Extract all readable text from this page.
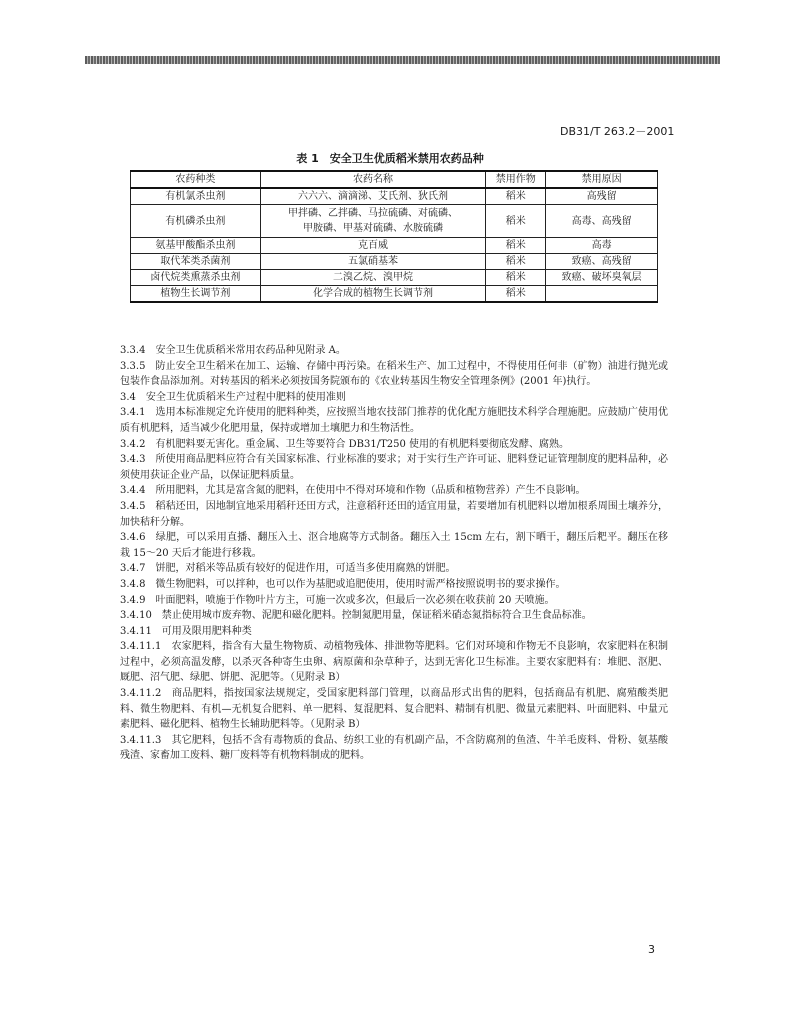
DB31/T 263.2－2001
表 1　安全卫生优质稻米禁用农药品种
农药种类	农药名称	禁用作物	禁用原因
有机氯杀虫剂	六六六、滴滴涕、艾氏剂、狄氏剂	稻米	高残留
有机磷杀虫剂	甲拌磷、乙拌磷、马拉硫磷、对硫磷、
甲胺磷、甲基对硫磷、水胺硫磷	稻米	高毒、高残留
氨基甲酸酯杀虫剂	克百威	稻米	高毒
取代苯类杀菌剂	五氯硝基苯	稻米	致癌、高残留
卤代烷类熏蒸杀虫剂	二溴乙烷、溴甲烷	稻米	致癌、破坏臭氧层
植物生长调节剂	化学合成的植物生长调节剂	稻米	

3.3.4　安全卫生优质稻米常用农药品种见附录 A。

3.3.5　防止安全卫生稻米在加工、运输、存储中再污染。在稻米生产、加工过程中，不得使用任何非（矿物）油进行抛光或包装作食品添加剂。对转基因的稻米必须按国务院颁布的《农业转基因生物安全管理条例》(2001 年)执行。

3.4　安全卫生优质稻米生产过程中肥料的使用准则

3.4.1　选用本标准规定允许使用的肥料种类，应按照当地农技部门推荐的优化配方施肥技术科学合理施肥。应鼓励广使用优质有机肥料，适当减少化肥用量，保持或增加土壤肥力和生物活性。

3.4.2　有机肥料要无害化。重金属、卫生等要符合 DB31/T250 使用的有机肥料要彻底发酵、腐熟。

3.4.3　所使用商品肥料应符合有关国家标准、行业标准的要求；对于实行生产许可证、肥料登记证管理制度的肥料品种，必须使用获证企业产品，以保证肥料质量。

3.4.4　所用肥料，尤其是富含氮的肥料，在使用中不得对环境和作物（品质和植物营养）产生不良影响。

3.4.5　稻秸还田，因地制宜地采用稻秆还田方式，注意稻秆还田的适宜用量，若要增加有机肥料以增加根系周围土壤养分，加快秸秆分解。

3.4.6　绿肥，可以采用直播、翻压入土、沤合地腐等方式制备。翻压入土 15cm 左右，割下晒干，翻压后粑平。翻压在移栽 15～20 天后才能进行移栽。

3.4.7　饼肥，对稻米等品质有较好的促进作用，可适当多使用腐熟的饼肥。

3.4.8　微生物肥料，可以拌种，也可以作为基肥或追肥使用，使用时需严格按照说明书的要求操作。

3.4.9　叶面肥料，喷施于作物叶片方主，可施一次或多次，但最后一次必须在收获前 20 天喷施。

3.4.10　禁止使用城市废弃物、泥肥和磁化肥料。控制氮肥用量，保证稻米硝态氮指标符合卫生食品标准。

3.4.11　可用及限用肥料种类

3.4.11.1　农家肥料，指含有大量生物物质、动植物残体、排泄物等肥料。它们对环境和作物无不良影响，农家肥料在积制过程中，必须高温发酵，以杀灭各种寄生虫卵、病原菌和杂草种子，达到无害化卫生标准。主要农家肥料有：堆肥、沤肥、厩肥、沼气肥、绿肥、饼肥、泥肥等。（见附录 B）

3.4.11.2　商品肥料，指按国家法规规定，受国家肥料部门管理，以商品形式出售的肥料，包括商品有机肥、腐殖酸类肥料、微生物肥料、有机—无机复合肥料、单一肥料、复混肥料、复合肥料、精制有机肥、微量元素肥料、叶面肥料、中量元素肥料、磁化肥料、植物生长辅助肥料等。（见附录 B）

3.4.11.3　其它肥料，包括不含有毒物质的食品、纺织工业的有机副产品，不含防腐剂的鱼渣、牛羊毛废料、骨粉、氨基酸残渣、家畜加工废料、糖厂废料等有机物料制成的肥料。

3
